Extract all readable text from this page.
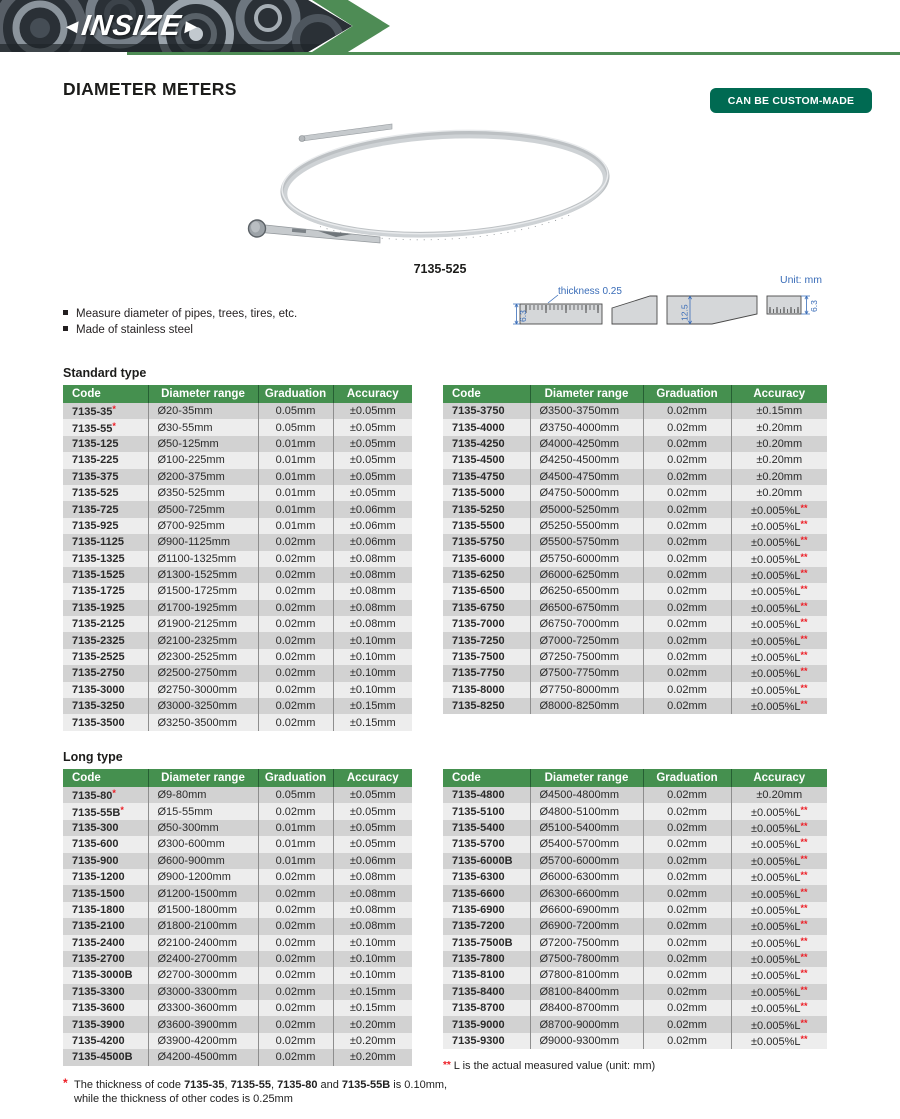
◄
INSIZE
►
DIAMETER METERS
CAN BE CUSTOM-MADE
7135-525
6.3	12.5	6.3
thickness 0.25
Unit: mm
Measure diameter of pipes, trees, tires, etc.
Made of stainless steel
Standard type
Code	Diameter range	Graduation	Accuracy
7135-35*	Ø20-35mm	0.05mm	±0.05mm
7135-55*	Ø30-55mm	0.05mm	±0.05mm
7135-125	Ø50-125mm	0.01mm	±0.05mm
7135-225	Ø100-225mm	0.01mm	±0.05mm
7135-375	Ø200-375mm	0.01mm	±0.05mm
7135-525	Ø350-525mm	0.01mm	±0.05mm
7135-725	Ø500-725mm	0.01mm	±0.06mm
7135-925	Ø700-925mm	0.01mm	±0.06mm
7135-1125	Ø900-1125mm	0.02mm	±0.06mm
7135-1325	Ø1100-1325mm	0.02mm	±0.08mm
7135-1525	Ø1300-1525mm	0.02mm	±0.08mm
7135-1725	Ø1500-1725mm	0.02mm	±0.08mm
7135-1925	Ø1700-1925mm	0.02mm	±0.08mm
7135-2125	Ø1900-2125mm	0.02mm	±0.08mm
7135-2325	Ø2100-2325mm	0.02mm	±0.10mm
7135-2525	Ø2300-2525mm	0.02mm	±0.10mm
7135-2750	Ø2500-2750mm	0.02mm	±0.10mm
7135-3000	Ø2750-3000mm	0.02mm	±0.10mm
7135-3250	Ø3000-3250mm	0.02mm	±0.15mm
7135-3500	Ø3250-3500mm	0.02mm	±0.15mm
Code	Diameter range	Graduation	Accuracy
7135-3750	Ø3500-3750mm	0.02mm	±0.15mm
7135-4000	Ø3750-4000mm	0.02mm	±0.20mm
7135-4250	Ø4000-4250mm	0.02mm	±0.20mm
7135-4500	Ø4250-4500mm	0.02mm	±0.20mm
7135-4750	Ø4500-4750mm	0.02mm	±0.20mm
7135-5000	Ø4750-5000mm	0.02mm	±0.20mm
7135-5250	Ø5000-5250mm	0.02mm	±0.005%L**
7135-5500	Ø5250-5500mm	0.02mm	±0.005%L**
7135-5750	Ø5500-5750mm	0.02mm	±0.005%L**
7135-6000	Ø5750-6000mm	0.02mm	±0.005%L**
7135-6250	Ø6000-6250mm	0.02mm	±0.005%L**
7135-6500	Ø6250-6500mm	0.02mm	±0.005%L**
7135-6750	Ø6500-6750mm	0.02mm	±0.005%L**
7135-7000	Ø6750-7000mm	0.02mm	±0.005%L**
7135-7250	Ø7000-7250mm	0.02mm	±0.005%L**
7135-7500	Ø7250-7500mm	0.02mm	±0.005%L**
7135-7750	Ø7500-7750mm	0.02mm	±0.005%L**
7135-8000	Ø7750-8000mm	0.02mm	±0.005%L**
7135-8250	Ø8000-8250mm	0.02mm	±0.005%L**
Long type
Code	Diameter range	Graduation	Accuracy
7135-80*	Ø9-80mm	0.05mm	±0.05mm
7135-55B*	Ø15-55mm	0.02mm	±0.05mm
7135-300	Ø50-300mm	0.01mm	±0.05mm
7135-600	Ø300-600mm	0.01mm	±0.05mm
7135-900	Ø600-900mm	0.01mm	±0.06mm
7135-1200	Ø900-1200mm	0.02mm	±0.08mm
7135-1500	Ø1200-1500mm	0.02mm	±0.08mm
7135-1800	Ø1500-1800mm	0.02mm	±0.08mm
7135-2100	Ø1800-2100mm	0.02mm	±0.08mm
7135-2400	Ø2100-2400mm	0.02mm	±0.10mm
7135-2700	Ø2400-2700mm	0.02mm	±0.10mm
7135-3000B	Ø2700-3000mm	0.02mm	±0.10mm
7135-3300	Ø3000-3300mm	0.02mm	±0.15mm
7135-3600	Ø3300-3600mm	0.02mm	±0.15mm
7135-3900	Ø3600-3900mm	0.02mm	±0.20mm
7135-4200	Ø3900-4200mm	0.02mm	±0.20mm
7135-4500B	Ø4200-4500mm	0.02mm	±0.20mm
Code	Diameter range	Graduation	Accuracy
7135-4800	Ø4500-4800mm	0.02mm	±0.20mm
7135-5100	Ø4800-5100mm	0.02mm	±0.005%L**
7135-5400	Ø5100-5400mm	0.02mm	±0.005%L**
7135-5700	Ø5400-5700mm	0.02mm	±0.005%L**
7135-6000B	Ø5700-6000mm	0.02mm	±0.005%L**
7135-6300	Ø6000-6300mm	0.02mm	±0.005%L**
7135-6600	Ø6300-6600mm	0.02mm	±0.005%L**
7135-6900	Ø6600-6900mm	0.02mm	±0.005%L**
7135-7200	Ø6900-7200mm	0.02mm	±0.005%L**
7135-7500B	Ø7200-7500mm	0.02mm	±0.005%L**
7135-7800	Ø7500-7800mm	0.02mm	±0.005%L**
7135-8100	Ø7800-8100mm	0.02mm	±0.005%L**
7135-8400	Ø8100-8400mm	0.02mm	±0.005%L**
7135-8700	Ø8400-8700mm	0.02mm	±0.005%L**
7135-9000	Ø8700-9000mm	0.02mm	±0.005%L**
7135-9300	Ø9000-9300mm	0.02mm	±0.005%L**
** L is the actual measured value (unit: mm)
* The thickness of code 7135-35, 7135-55, 7135-80 and 7135-55B is 0.10mm, while the thickness of other codes is 0.25mm
